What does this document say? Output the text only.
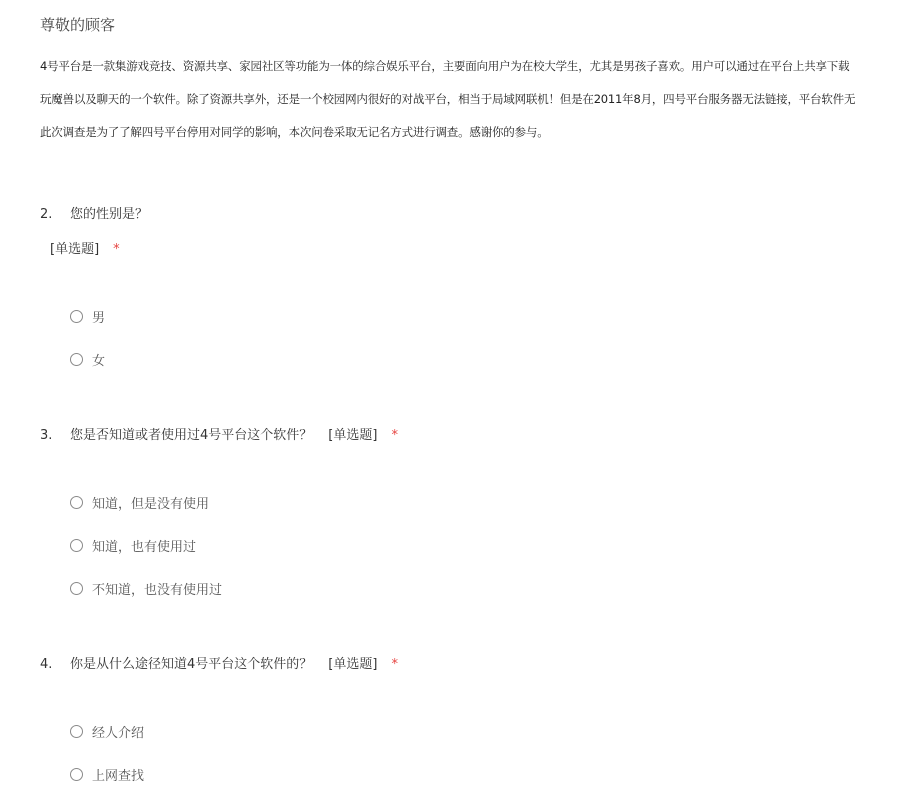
尊敬的顾客
4号平台是一款集游戏竞技、资源共享、家园社区等功能为一体的综合娱乐平台，主要面向用户为在校大学生，尤其是男孩子喜欢。用户可以通过在平台上共享下载
玩魔兽以及聊天的一个软件。除了资源共享外，还是一个校园网内很好的对战平台，相当于局域网联机！但是在2011年8月，四号平台服务器无法链接，平台软件无
此次调查是为了了解四号平台停用对同学的影响，本次问卷采取无记名方式进行调查。感谢你的参与。
2. 您的性别是？
[单选题] *
男
女
3. 您是否知道或者使用过4号平台这个软件？ [单选题] *
知道，但是没有使用
知道，也有使用过
不知道，也没有使用过
4. 你是从什么途径知道4号平台这个软件的？ [单选题] *
经人介绍
上网查找
